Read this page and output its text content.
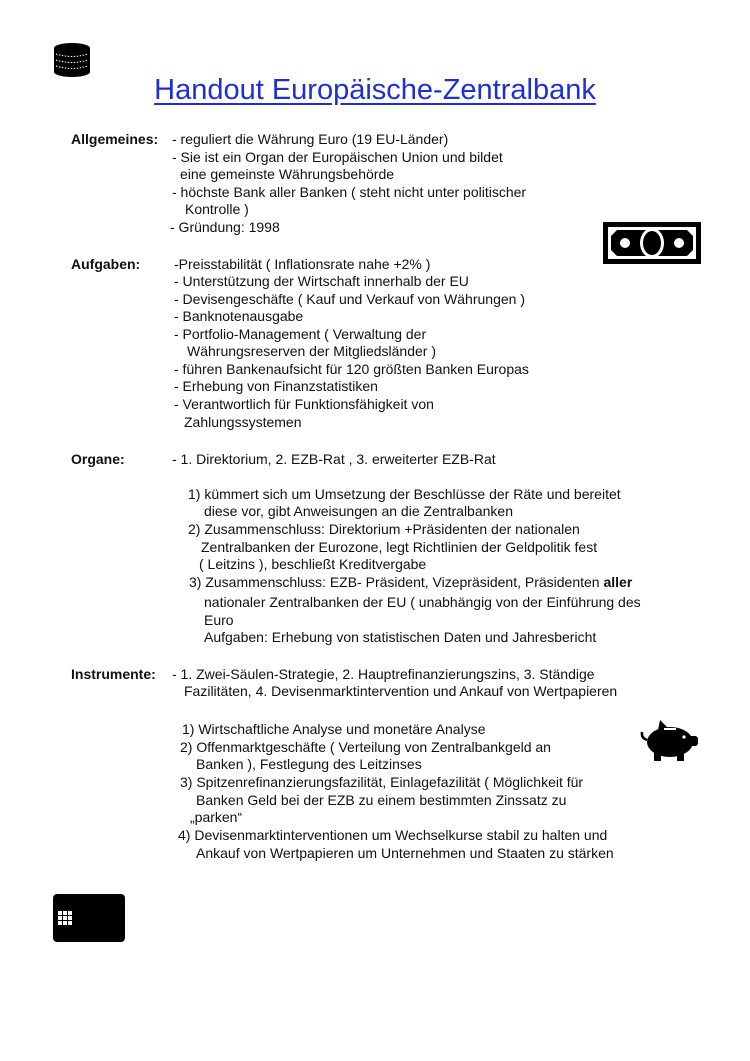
Handout Europäische-Zentralbank
Allgemeines: - reguliert die Währung Euro (19 EU-Länder)
- Sie ist ein Organ der Europäischen Union und bildet
eine gemeinste Währungsbehörde
- höchste Bank aller Banken ( steht nicht unter politischer
Kontrolle )
- Gründung: 1998
Aufgaben: -Preisstabilität ( Inflationsrate nahe +2% )
- Unterstützung der Wirtschaft innerhalb der EU
- Devisengeschäfte ( Kauf und Verkauf von Währungen )
- Banknotenausgabe
- Portfolio-Management ( Verwaltung der
Währungsreserven der Mitgliedsländer )
- führen Bankenaufsicht für 120 größten Banken Europas
- Erhebung von Finanzstatistiken
- Verantwortlich für Funktionsfähigkeit von
Zahlungssystemen
Organe:	- 1. Direktorium, 2. EZB-Rat , 3. erweiterter EZB-Rat
1) kümmert sich um Umsetzung der Beschlüsse der Räte und bereitet
diese vor, gibt Anweisungen an die Zentralbanken
2) Zusammenschluss: Direktorium +Präsidenten der nationalen
Zentralbanken der Eurozone, legt Richtlinien der Geldpolitik fest
( Leitzins ), beschließt Kreditvergabe
3) Zusammenschluss: EZB- Präsident, Vizepräsident, Präsidenten aller
nationaler Zentralbanken der EU ( unabhängig von der Einführung des
Euro
Aufgaben: Erhebung von statistischen Daten und Jahresbericht
Instrumente: - 1. Zwei-Säulen-Strategie, 2. Hauptrefinanzierungszins, 3. Ständige
Fazilitäten, 4. Devisenmarktintervention und Ankauf von Wertpapieren
1) Wirtschaftliche Analyse und monetäre Analyse
2) Offenmarktgeschäfte ( Verteilung von Zentralbankgeld an
Banken ), Festlegung des Leitzinses
3) Spitzenrefinanzierungsfazilität, Einlagefazilität ( Möglichkeit für
Banken Geld bei der EZB zu einem bestimmten Zinssatz zu
„parken“
4) Devisenmarktinterventionen um Wechselkurse stabil zu halten und
Ankauf von Wertpapieren um Unternehmen und Staaten zu stärken
